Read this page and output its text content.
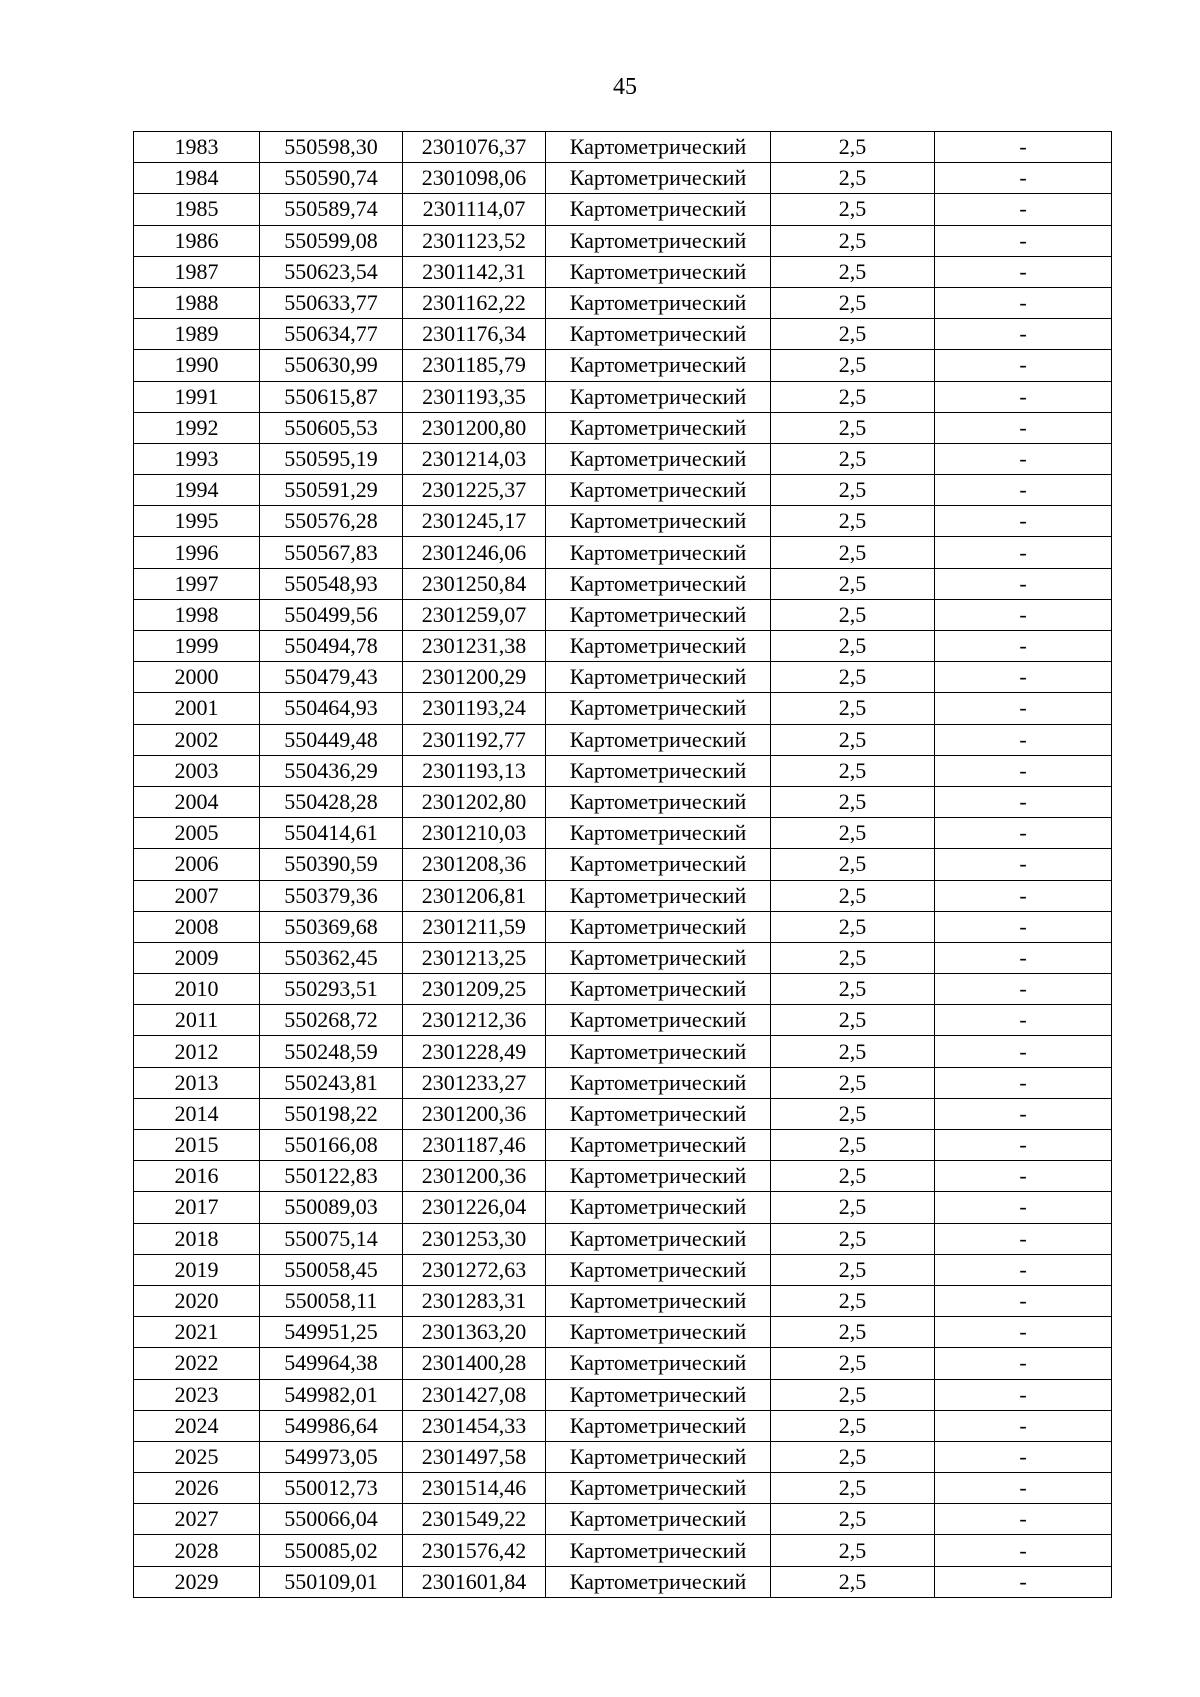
45
1983	550598,30	2301076,37	Картометрический	2,5	-
1984	550590,74	2301098,06	Картометрический	2,5	-
1985	550589,74	2301114,07	Картометрический	2,5	-
1986	550599,08	2301123,52	Картометрический	2,5	-
1987	550623,54	2301142,31	Картометрический	2,5	-
1988	550633,77	2301162,22	Картометрический	2,5	-
1989	550634,77	2301176,34	Картометрический	2,5	-
1990	550630,99	2301185,79	Картометрический	2,5	-
1991	550615,87	2301193,35	Картометрический	2,5	-
1992	550605,53	2301200,80	Картометрический	2,5	-
1993	550595,19	2301214,03	Картометрический	2,5	-
1994	550591,29	2301225,37	Картометрический	2,5	-
1995	550576,28	2301245,17	Картометрический	2,5	-
1996	550567,83	2301246,06	Картометрический	2,5	-
1997	550548,93	2301250,84	Картометрический	2,5	-
1998	550499,56	2301259,07	Картометрический	2,5	-
1999	550494,78	2301231,38	Картометрический	2,5	-
2000	550479,43	2301200,29	Картометрический	2,5	-
2001	550464,93	2301193,24	Картометрический	2,5	-
2002	550449,48	2301192,77	Картометрический	2,5	-
2003	550436,29	2301193,13	Картометрический	2,5	-
2004	550428,28	2301202,80	Картометрический	2,5	-
2005	550414,61	2301210,03	Картометрический	2,5	-
2006	550390,59	2301208,36	Картометрический	2,5	-
2007	550379,36	2301206,81	Картометрический	2,5	-
2008	550369,68	2301211,59	Картометрический	2,5	-
2009	550362,45	2301213,25	Картометрический	2,5	-
2010	550293,51	2301209,25	Картометрический	2,5	-
2011	550268,72	2301212,36	Картометрический	2,5	-
2012	550248,59	2301228,49	Картометрический	2,5	-
2013	550243,81	2301233,27	Картометрический	2,5	-
2014	550198,22	2301200,36	Картометрический	2,5	-
2015	550166,08	2301187,46	Картометрический	2,5	-
2016	550122,83	2301200,36	Картометрический	2,5	-
2017	550089,03	2301226,04	Картометрический	2,5	-
2018	550075,14	2301253,30	Картометрический	2,5	-
2019	550058,45	2301272,63	Картометрический	2,5	-
2020	550058,11	2301283,31	Картометрический	2,5	-
2021	549951,25	2301363,20	Картометрический	2,5	-
2022	549964,38	2301400,28	Картометрический	2,5	-
2023	549982,01	2301427,08	Картометрический	2,5	-
2024	549986,64	2301454,33	Картометрический	2,5	-
2025	549973,05	2301497,58	Картометрический	2,5	-
2026	550012,73	2301514,46	Картометрический	2,5	-
2027	550066,04	2301549,22	Картометрический	2,5	-
2028	550085,02	2301576,42	Картометрический	2,5	-
2029	550109,01	2301601,84	Картометрический	2,5	-
